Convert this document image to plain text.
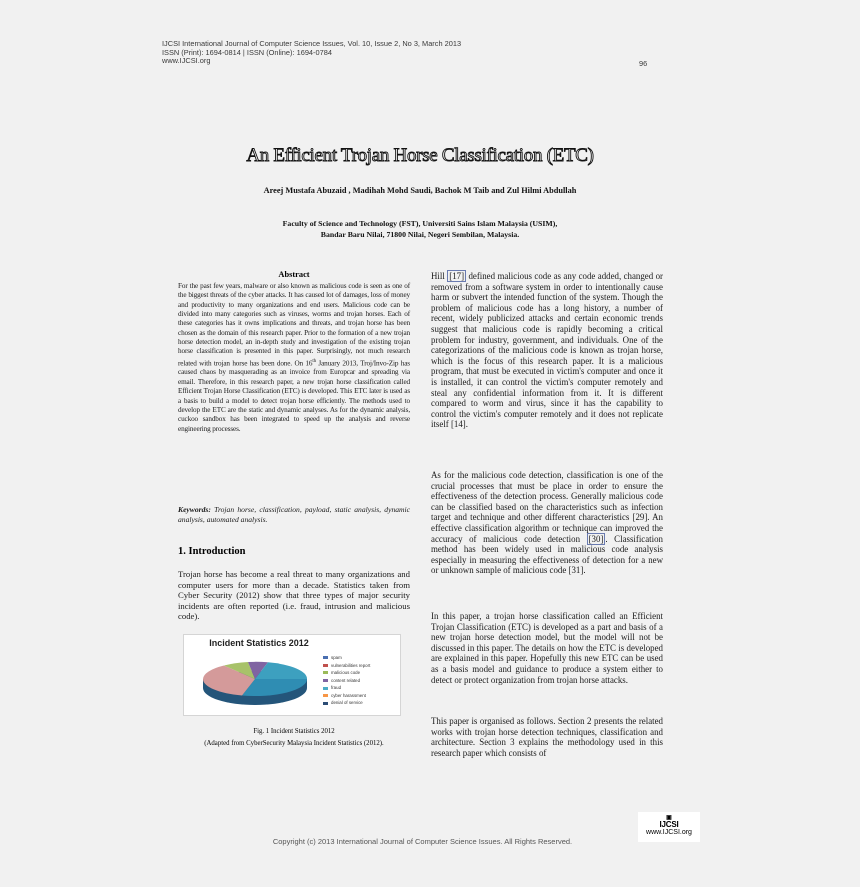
IJCSI International Journal of Computer Science Issues, Vol. 10, Issue 2, No 3, March 2013
ISSN (Print): 1694-0814 | ISSN (Online): 1694-0784
www.IJCSI.org	96
An Efficient Trojan Horse Classification (ETC)
Areej Mustafa Abuzaid , Madihah Mohd Saudi, Bachok M Taib and Zul Hilmi Abdullah
Faculty of Science and Technology (FST), Universiti Sains Islam Malaysia (USIM),
Bandar Baru Nilai, 71800 Nilai, Negeri Sembilan, Malaysia.
Abstract
For the past few years, malware or also known as malicious code is seen as one of the biggest threats of the cyber attacks. It has caused lot of damages, loss of money and productivity to many organizations and end users. Malicious code can be divided into many categories such as viruses, worms and trojan horses. Each of these categories has it owns implications and threats, and trojan horse has been chosen as the domain of this research paper. Prior to the formation of a new trojan horse detection model, an in-depth study and investigation of the existing trojan horse classification is presented in this paper. Surprisingly, not much research related with trojan horse has been done. On 16th January 2013, Troj/Invo-Zip has caused chaos by masquerading as an invoice from Europcar and spreading via email. Therefore, in this research paper, a new trojan horse classification called Efficient Trojan Horse Classification (ETC) is developed. This ETC later is used as a basis to build a model to detect trojan horse efficiently. The methods used to develop the ETC are the static and dynamic analyses. As for the dynamic analysis, cuckoo sandbox has been integrated to speed up the analysis and reverse engineering processes.
Keywords: Trojan horse, classification, payload, static analysis, dynamic analysis, automated analysis.
1. Introduction
Trojan horse has become a real threat to many organizations and computer users for more than a decade. Statistics taken from Cyber Security (2012) show that three types of major security incidents are often reported (i.e. fraud, intrusion and malicious code).
Incident Statistics 2012
spam
vulnerabilities report
malicious code
content related
fraud
cyber harassment
denial of service
Fig. 1 Incident Statistics 2012
(Adapted from CyberSecurity Malaysia Incident Statistics (2012).
Hill [17] defined malicious code as any code added, changed or removed from a software system in order to intentionally cause harm or subvert the intended function of the system. Though the problem of malicious code has a long history, a number of recent, widely publicized attacks and certain economic trends suggest that malicious code is rapidly becoming a critical problem for industry, government, and individuals. One of the categorizations of the malicious code is known as trojan horse, which is the focus of this research paper. It is a malicious program, that must be executed in victim's computer and once it is installed, it can control the victim's computer remotely and steal any confidential information from it. It is different compared to worm and virus, since it has the capability to control the victim's computer remotely and it does not replicate itself [14].
As for the malicious code detection, classification is one of the crucial processes that must be place in order to ensure the effectiveness of the detection process. Generally malicious code can be classified based on the characteristics such as infection target and technique and other different characteristics [29]. An effective classification algorithm or technique can improved the accuracy of malicious code detection [30] . Classification method has been widely used in malicious code analysis especially in measuring the effectiveness of detection for a new or unknown sample of malicious code [31].
In this paper, a trojan horse classification called an Efficient Trojan Classification (ETC) is developed as a part and basis of a new trojan horse detection model, but the model will not be discussed in this paper. The details on how the ETC is developed are explained in this paper. Hopefully this new ETC can be used as a basis model and guidance to produce a system either to detect or protect organization from trojan horse attacks.
This paper is organised as follows. Section 2 presents the related works with trojan horse detection techniques, classification and architecture. Section 3 explains the methodology used in this research paper which consists of
▣
IJCSI
www.IJCSI.org
Copyright (c) 2013 International Journal of Computer Science Issues. All Rights Reserved.
